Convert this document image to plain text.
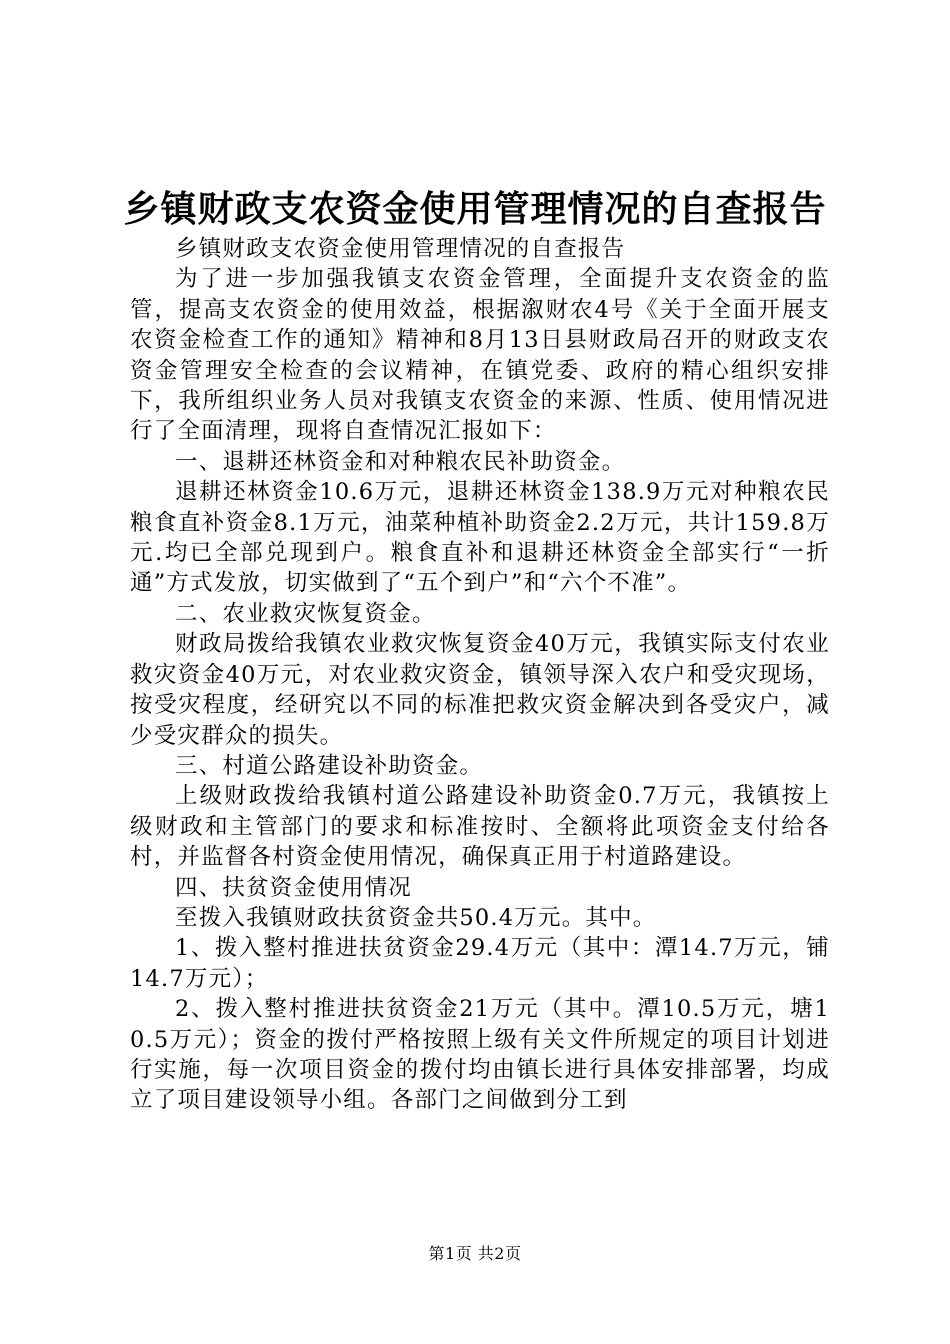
乡镇财政支农资金使用管理情况的自查报告

乡镇财政支农资金使用管理情况的自查报告

为了进一步加强我镇支农资金管理，全面提升支农资金的监管，提高支农资金的使用效益，根据溆财农4号《关于全面开展支农资金检查工作的通知》精神和8月13日县财政局召开的财政支农资金管理安全检查的会议精神，在镇党委、政府的精心组织安排下，我所组织业务人员对我镇支农资金的来源、性质、使用情况进行了全面清理，现将自查情况汇报如下：

一、退耕还林资金和对种粮农民补助资金。

退耕还林资金10.6万元，退耕还林资金138.9万元对种粮农民粮食直补资金8.1万元，油菜种植补助资金2.2万元，共计159.8万元.均已全部兑现到户。粮食直补和退耕还林资金全部实行“一折通”方式发放，切实做到了“五个到户”和“六个不准”。

二、农业救灾恢复资金。

财政局拨给我镇农业救灾恢复资金40万元，我镇实际支付农业救灾资金40万元，对农业救灾资金，镇领导深入农户和受灾现场，按受灾程度，经研究以不同的标准把救灾资金解决到各受灾户，减少受灾群众的损失。

三、村道公路建设补助资金。

上级财政拨给我镇村道公路建设补助资金0.7万元，我镇按上级财政和主管部门的要求和标准按时、全额将此项资金支付给各村，并监督各村资金使用情况，确保真正用于村道路建设。

四、扶贫资金使用情况

至拨入我镇财政扶贫资金共50.4万元。其中。

1、拨入整村推进扶贫资金29.4万元（其中：潭14.7万元，铺14.7万元）；

2、拨入整村推进扶贫资金21万元（其中。潭10.5万元，塘10.5万元）；资金的拨付严格按照上级有关文件所规定的项目计划进行实施，每一次项目资金的拨付均由镇长进行具体安排部署，均成立了项目建设领导小组。各部门之间做到分工到

第1页 共2页
